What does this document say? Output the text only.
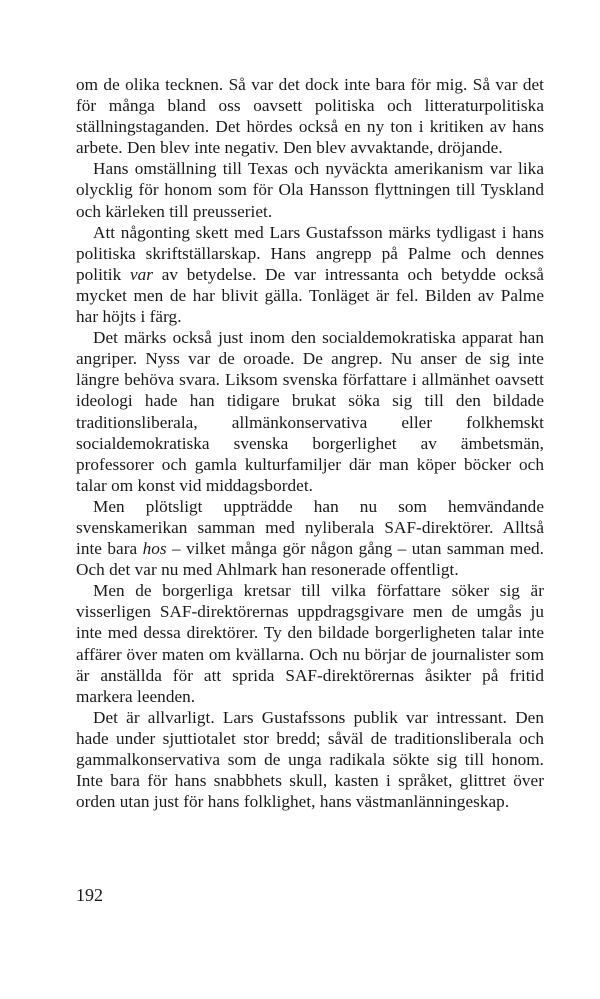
om de olika tecknen. Så var det dock inte bara för mig. Så var det för många bland oss oavsett politiska och litteraturpolitiska ställningstaganden. Det hördes också en ny ton i kritiken av hans arbete. Den blev inte negativ. Den blev avvaktande, dröjande.

Hans omställning till Texas och nyväckta amerikanism var lika olycklig för honom som för Ola Hansson flyttningen till Tyskland och kärleken till preusseriet.

Att någonting skett med Lars Gustafsson märks tydligast i hans politiska skriftställarskap. Hans angrepp på Palme och dennes politik var av betydelse. De var intressanta och betydde också mycket men de har blivit gälla. Tonläget är fel. Bilden av Palme har höjts i färg.

Det märks också just inom den socialdemokratiska apparat han angriper. Nyss var de oroade. De angrep. Nu anser de sig inte längre behöva svara. Liksom svenska författare i allmänhet oavsett ideologi hade han tidigare brukat söka sig till den bildade traditionsliberala, allmänkonservativa eller folkhemskt socialdemokratiska svenska borgerlighet av ämbetsmän, professorer och gamla kulturfamiljer där man köper böcker och talar om konst vid middagsbordet.

Men plötsligt uppträdde han nu som hemvändande svenskamerikan samman med nyliberala SAF-direktörer. Alltså inte bara hos – vilket många gör någon gång – utan samman med. Och det var nu med Ahlmark han resonerade offentligt.

Men de borgerliga kretsar till vilka författare söker sig är visserligen SAF-direktörernas uppdragsgivare men de umgås ju inte med dessa direktörer. Ty den bildade borgerligheten talar inte affärer över maten om kvällarna. Och nu börjar de journalister som är anställda för att sprida SAF-direktörernas åsikter på fritid markera leenden.

Det är allvarligt. Lars Gustafssons publik var intressant. Den hade under sjuttiotalet stor bredd; såväl de traditionsliberala och gammalkonservativa som de unga radikala sökte sig till honom. Inte bara för hans snabbhets skull, kasten i språket, glittret över orden utan just för hans folklighet, hans västmanlänningeskap.

192
